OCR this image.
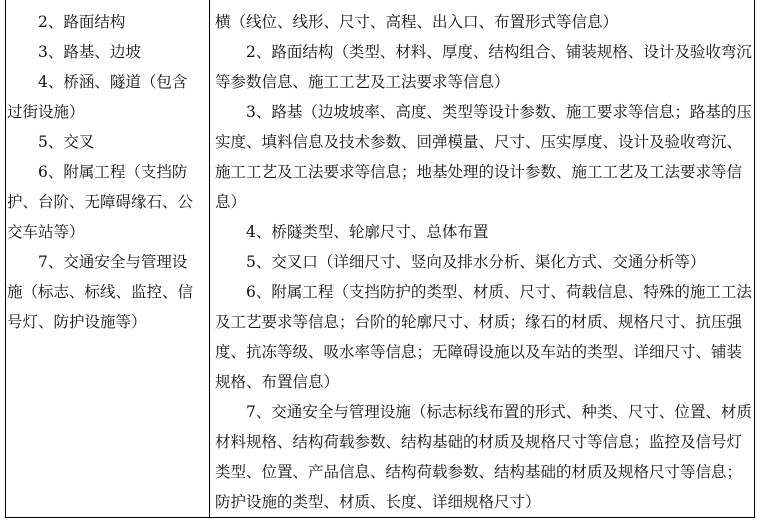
2、路面结构
3、路基、边坡
4、桥涵、隧道（包含
过街设施）
5、交叉
6、附属工程（支挡防
护、台阶、无障碍缘石、公
交车站等）
7、交通安全与管理设
施（标志、标线、监控、信
号灯、防护设施等）
横（线位、线形、尺寸、高程、出入口、布置形式等信息）
2、路面结构（类型、材料、厚度、结构组合、铺装规格、设计及验收弯沉
等参数信息、施工工艺及工法要求等信息）
3、路基（边坡坡率、高度、类型等设计参数、施工要求等信息；路基的压
实度、填料信息及技术参数、回弹模量、尺寸、压实厚度、设计及验收弯沉、
施工工艺及工法要求等信息；地基处理的设计参数、施工工艺及工法要求等信
息）
4、桥隧类型、轮廓尺寸、总体布置
5、交叉口（详细尺寸、竖向及排水分析、渠化方式、交通分析等）
6、附属工程（支挡防护的类型、材质、尺寸、荷载信息、特殊的施工工法
及工艺要求等信息；台阶的轮廓尺寸、材质；缘石的材质、规格尺寸、抗压强
度、抗冻等级、吸水率等信息；无障碍设施以及车站的类型、详细尺寸、铺装
规格、布置信息）
7、交通安全与管理设施（标志标线布置的形式、种类、尺寸、位置、材质
材料规格、结构荷载参数、结构基础的材质及规格尺寸等信息；监控及信号灯
类型、位置、产品信息、结构荷载参数、结构基础的材质及规格尺寸等信息；
防护设施的类型、材质、长度、详细规格尺寸）
